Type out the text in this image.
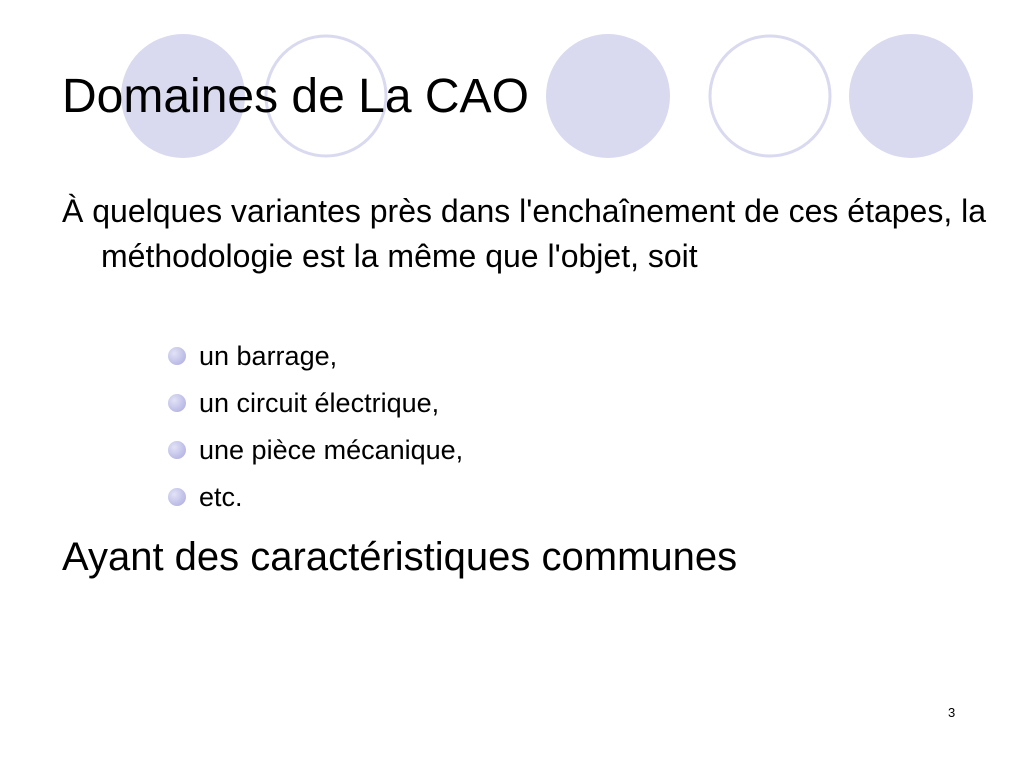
Domaines de La CAO

À quelques variantes près dans l'enchaînement de ces étapes, la méthodologie est la même que l'objet, soit

un barrage,
un circuit électrique,
une pièce mécanique,
etc.

Ayant des caractéristiques communes

3
